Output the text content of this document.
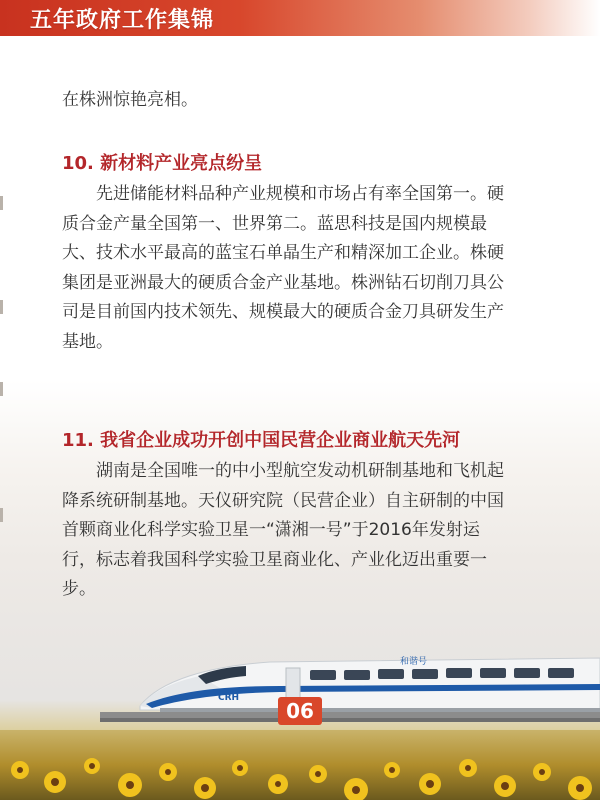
五年政府工作集锦
在株洲惊艳亮相。
10. 新材料产业亮点纷呈
先进储能材料品种产业规模和市场占有率全国第一。硬
质合金产量全国第一、世界第二。蓝思科技是国内规模最
大、技术水平最高的蓝宝石单晶生产和精深加工企业。株硬
集团是亚洲最大的硬质合金产业基地。株洲钻石切削刀具公
司是目前国内技术领先、规模最大的硬质合金刀具研发生产
基地。
11. 我省企业成功开创中国民营企业商业航天先河
湖南是全国唯一的中小型航空发动机研制基地和飞机起
降系统研制基地。天仪研究院（民营企业）自主研制的中国
首颗商业化科学实验卫星一“潇湘一号”于2016年发射运
行，标志着我国科学实验卫星商业化、产业化迈出重要一
步。
CRH
和谐号
06
